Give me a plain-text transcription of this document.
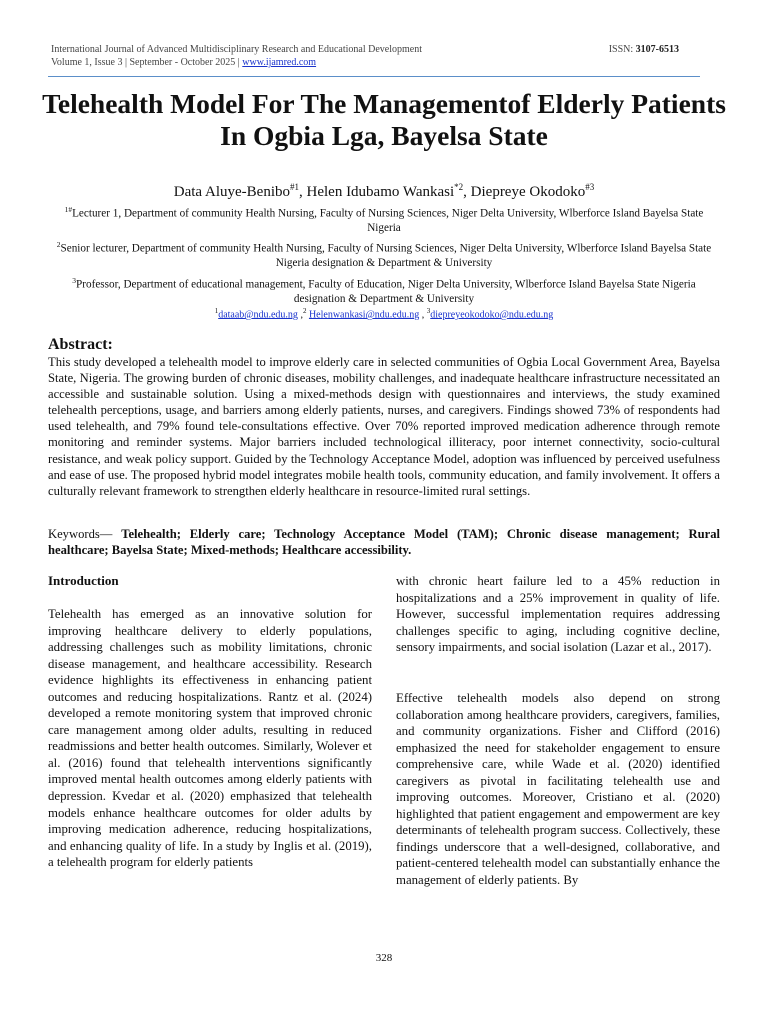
International Journal of Advanced Multidisciplinary Research and Educational Development	ISSN: 3107-6513
Volume 1, Issue 3 | September - October 2025 | www.ijamred.com
Telehealth Model For The Managementof Elderly Patients In Ogbia Lga, Bayelsa State
Data Aluye-Benibo$^{\#1}$, Helen Idubamo Wankasi$^{*2}$, Diepreye Okodoko$^{\#3}$
$^{1\#}$Lecturer 1, Department of community Health Nursing, Faculty of Nursing Sciences, Niger Delta University, Wlberforce Island Bayelsa State Nigeria
$^2$Senior lecturer, Department of community Health Nursing, Faculty of Nursing Sciences, Niger Delta University, Wlberforce Island Bayelsa State Nigeria designation & Department & University
$^3$Professor, Department of educational management, Faculty of Education, Niger Delta University, Wlberforce Island Bayelsa State Nigeria designation & Department & University
$^1$dataab@ndu.edu.ng ,$^2$ Helenwankasi@ndu.edu.ng , $^3$diepreyeokodoko@ndu.edu.ng
Abstract:

This study developed a telehealth model to improve elderly care in selected communities of Ogbia Local Government Area, Bayelsa State, Nigeria. The growing burden of chronic diseases, mobility challenges, and inadequate healthcare infrastructure necessitated an accessible and sustainable solution. Using a mixed-methods design with questionnaires and interviews, the study examined telehealth perceptions, usage, and barriers among elderly patients, nurses, and caregivers. Findings showed 73% of respondents had used telehealth, and 79% found tele-consultations effective. Over 70% reported improved medication adherence through remote monitoring and reminder systems. Major barriers included technological illiteracy, poor internet connectivity, socio-cultural resistance, and weak policy support. Guided by the Technology Acceptance Model, adoption was influenced by perceived usefulness and ease of use. The proposed hybrid model integrates mobile health tools, community education, and family involvement. It offers a culturally relevant framework to strengthen elderly healthcare in resource-limited rural settings.

Keywords— Telehealth; Elderly care; Technology Acceptance Model (TAM); Chronic disease management; Rural healthcare; Bayelsa State; Mixed-methods; Healthcare accessibility.

Introduction

Telehealth has emerged as an innovative solution for improving healthcare delivery to elderly populations, addressing challenges such as mobility limitations, chronic disease management, and healthcare accessibility. Research evidence highlights its effectiveness in enhancing patient outcomes and reducing hospitalizations. Rantz et al. (2024) developed a remote monitoring system that improved chronic care management among older adults, resulting in reduced readmissions and better health outcomes. Similarly, Wolever et al. (2016) found that telehealth interventions significantly improved mental health outcomes among elderly patients with depression. Kvedar et al. (2020) emphasized that telehealth models enhance healthcare outcomes for older adults by improving medication adherence, reducing hospitalizations, and enhancing quality of life. In a study by Inglis et al. (2019), a telehealth program for elderly patients

with chronic heart failure led to a 45% reduction in hospitalizations and a 25% improvement in quality of life. However, successful implementation requires addressing challenges specific to aging, including cognitive decline, sensory impairments, and social isolation (Lazar et al., 2017).

Effective telehealth models also depend on strong collaboration among healthcare providers, caregivers, families, and community organizations. Fisher and Clifford (2016) emphasized the need for stakeholder engagement to ensure comprehensive care, while Wade et al. (2020) identified caregivers as pivotal in facilitating telehealth use and improving outcomes. Moreover, Cristiano et al. (2020) highlighted that patient engagement and empowerment are key determinants of telehealth program success. Collectively, these findings underscore that a well-designed, collaborative, and patient-centered telehealth model can substantially enhance the management of elderly patients. By

328
